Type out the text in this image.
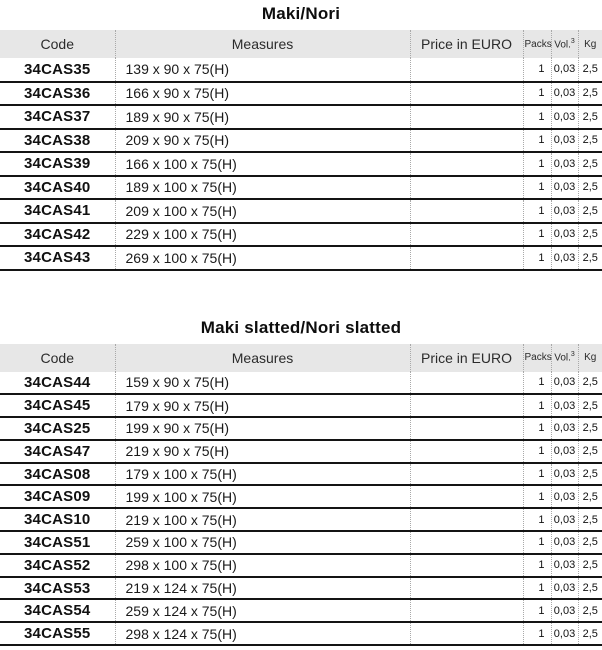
Maki/Nori
Code	Measures	Price in EURO	Packs	Vol.$^3$	Kg
34CAS35	139 x 90 x 75(H)		1	0,03	2,5
34CAS36	166 x 90 x 75(H)		1	0,03	2,5
34CAS37	189 x 90 x 75(H)		1	0,03	2,5
34CAS38	209 x 90 x 75(H)		1	0,03	2,5
34CAS39	166 x 100 x 75(H)		1	0,03	2,5
34CAS40	189 x 100 x 75(H)		1	0,03	2,5
34CAS41	209 x 100 x 75(H)		1	0,03	2,5
34CAS42	229 x 100 x 75(H)		1	0,03	2,5
34CAS43	269 x 100 x 75(H)		1	0,03	2,5
Maki slatted/Nori slatted
Code	Measures	Price in EURO	Packs	Vol.$^3$	Kg
34CAS44	159 x 90 x 75(H)		1	0,03	2,5
34CAS45	179 x 90 x 75(H)		1	0,03	2,5
34CAS25	199 x 90 x 75(H)		1	0,03	2,5
34CAS47	219 x 90 x 75(H)		1	0,03	2,5
34CAS08	179 x 100 x 75(H)		1	0,03	2,5
34CAS09	199 x 100 x 75(H)		1	0,03	2,5
34CAS10	219 x 100 x 75(H)		1	0,03	2,5
34CAS51	259 x 100 x 75(H)		1	0,03	2,5
34CAS52	298 x 100 x 75(H)		1	0,03	2,5
34CAS53	219 x 124 x 75(H)		1	0,03	2,5
34CAS54	259 x 124 x 75(H)		1	0,03	2,5
34CAS55	298 x 124 x 75(H)		1	0,03	2,5
